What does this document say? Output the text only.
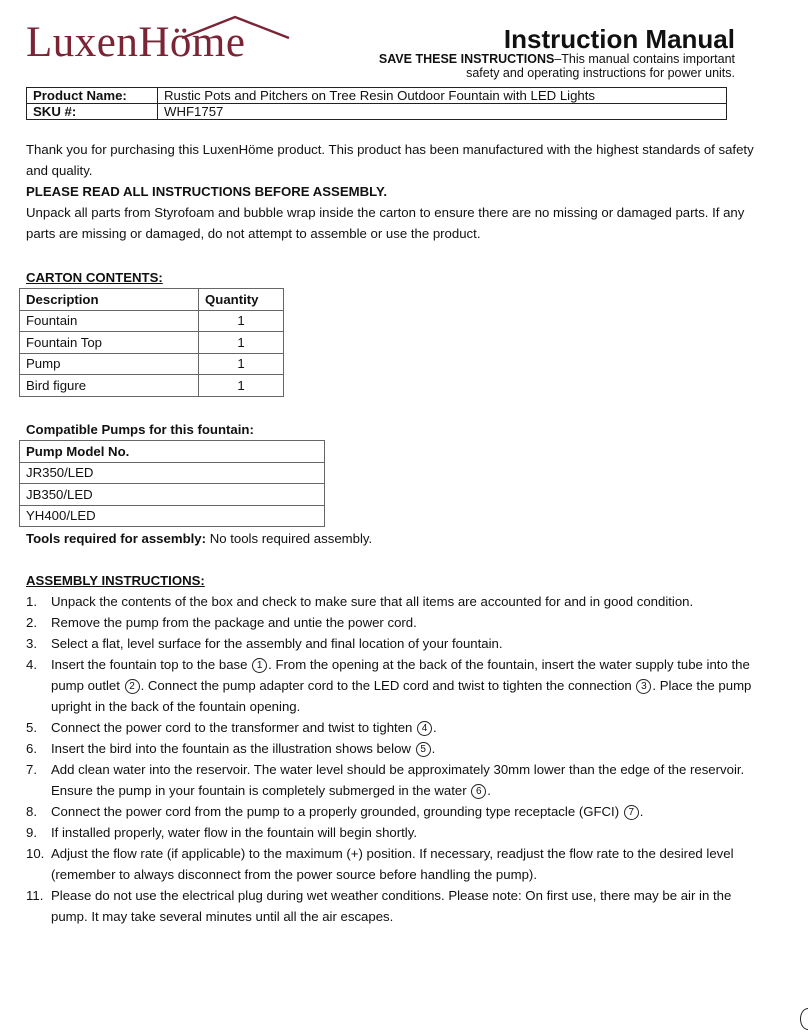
LuxenHöme	Instruction Manual
SAVE THESE INSTRUCTIONS–This manual contains important
safety and operating instructions for power units.
Product Name:	Rustic Pots and Pitchers on Tree Resin Outdoor Fountain with LED Lights
SKU #:	WHF1757
Thank you for purchasing this LuxenHöme product. This product has been manufactured with the highest standards of safety and quality.
PLEASE READ ALL INSTRUCTIONS BEFORE ASSEMBLY.
Unpack all parts from Styrofoam and bubble wrap inside the carton to ensure there are no missing or damaged parts. If any parts are missing or damaged, do not attempt to assemble or use the product.
CARTON CONTENTS:
Description	Quantity
Fountain	1
Fountain Top	1
Pump	1
Bird figure	1
Compatible Pumps for this fountain:
Pump Model No.
JR350/LED
JB350/LED
YH400/LED
Tools required for assembly: No tools required assembly.
ASSEMBLY INSTRUCTIONS:
1. Unpack the contents of the box and check to make sure that all items are accounted for and in good condition.
2. Remove the pump from the package and untie the power cord.
3. Select a flat, level surface for the assembly and final location of your fountain.
4. Insert the fountain top to the base 1 . From the opening at the back of the fountain, insert the water supply tube into the pump outlet 2 . Connect the pump adapter cord to the LED cord and twist to tighten the connection 3 . Place the pump upright in the back of the fountain opening.
5. Connect the power cord to the transformer and twist to tighten 4 .
6. Insert the bird into the fountain as the illustration shows below 5 .
7. Add clean water into the reservoir. The water level should be approximately 30mm lower than the edge of the reservoir. Ensure the pump in your fountain is completely submerged in the water 6 .
8. Connect the power cord from the pump to a properly grounded, grounding type receptacle (GFCI) 7 .
9. If installed properly, water flow in the fountain will begin shortly.
10. Adjust the flow rate (if applicable) to the maximum (+) position. If necessary, readjust the flow rate to the desired level (remember to always disconnect from the power source before handling the pump).
11. Please do not use the electrical plug during wet weather conditions. Please note: On first use, there may be air in the pump. It may take several minutes until all the air escapes.
